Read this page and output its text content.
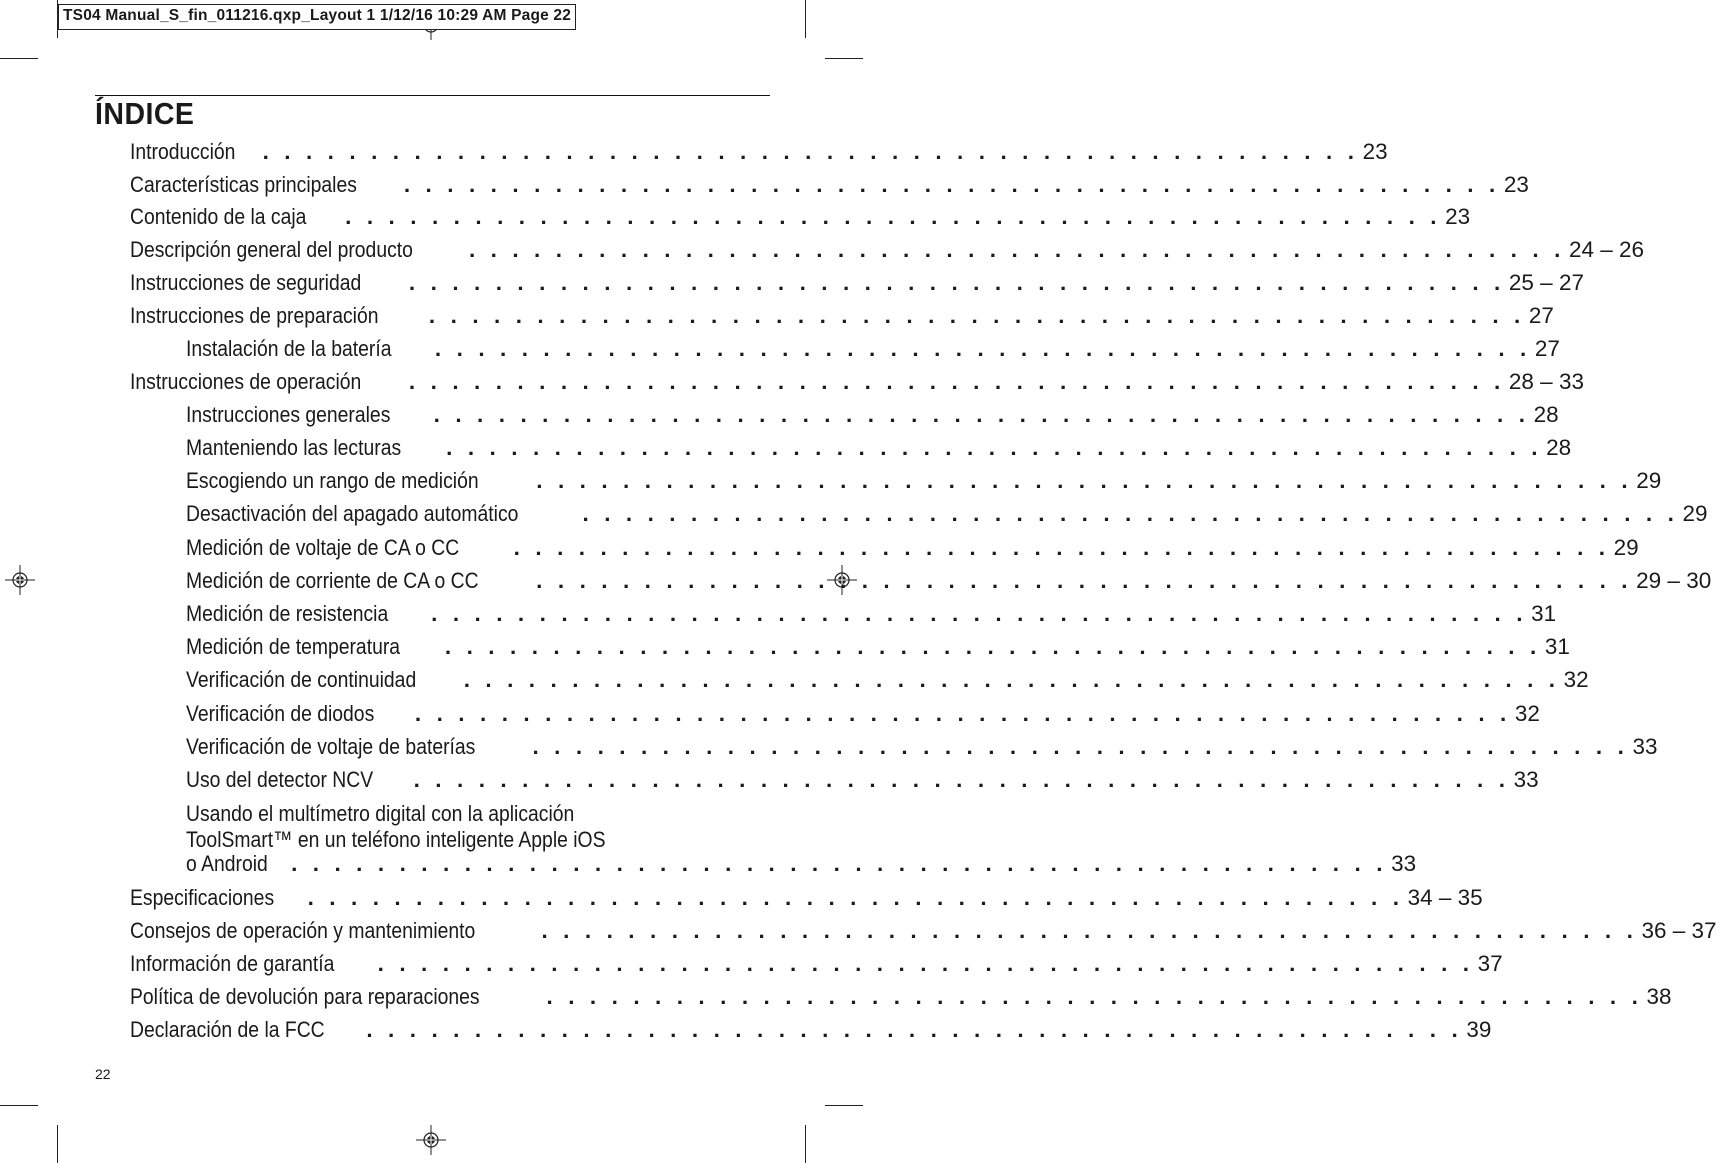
TS04 Manual_S_fin_011216.qxp_Layout 1 1/12/16 10:29 AM Page 22
ÍNDICE
Introducción	. . . . . . . . . . . . . . . . . . . . . . . . . . . . . . . . . . . . . . . . . . . . . . . . . . . 23
Características principales	. . . . . . . . . . . . . . . . . . . . . . . . . . . . . . . . . . . . . . . . . . . . . . . . . . . 23
Contenido de la caja	. . . . . . . . . . . . . . . . . . . . . . . . . . . . . . . . . . . . . . . . . . . . . . . . . . . 23
Descripción general del producto	. . . . . . . . . . . . . . . . . . . . . . . . . . . . . . . . . . . . . . . . . . . . . . . . . . . 24 – 26
Instrucciones de seguridad	. . . . . . . . . . . . . . . . . . . . . . . . . . . . . . . . . . . . . . . . . . . . . . . . . . . 25 – 27
Instrucciones de preparación	. . . . . . . . . . . . . . . . . . . . . . . . . . . . . . . . . . . . . . . . . . . . . . . . . . . 27
Instalación de la batería	. . . . . . . . . . . . . . . . . . . . . . . . . . . . . . . . . . . . . . . . . . . . . . . . . . . 27
Instrucciones de operación	. . . . . . . . . . . . . . . . . . . . . . . . . . . . . . . . . . . . . . . . . . . . . . . . . . . 28 – 33
Instrucciones generales	. . . . . . . . . . . . . . . . . . . . . . . . . . . . . . . . . . . . . . . . . . . . . . . . . . . 28
Manteniendo las lecturas	. . . . . . . . . . . . . . . . . . . . . . . . . . . . . . . . . . . . . . . . . . . . . . . . . . . 28
Escogiendo un rango de medición	. . . . . . . . . . . . . . . . . . . . . . . . . . . . . . . . . . . . . . . . . . . . . . . . . . . 29
Desactivación del apagado automático	. . . . . . . . . . . . . . . . . . . . . . . . . . . . . . . . . . . . . . . . . . . . . . . . . . . 29
Medición de voltaje de CA o CC	. . . . . . . . . . . . . . . . . . . . . . . . . . . . . . . . . . . . . . . . . . . . . . . . . . . 29
Medición de corriente de CA o CC	. . . . . . . . . . . . . . . . . . . . . . . . . . . . . . . . . . . . . . . . . . . . . . . . . . . 29 – 30
Medición de resistencia	. . . . . . . . . . . . . . . . . . . . . . . . . . . . . . . . . . . . . . . . . . . . . . . . . . . 31
Medición de temperatura	. . . . . . . . . . . . . . . . . . . . . . . . . . . . . . . . . . . . . . . . . . . . . . . . . . . 31
Verificación de continuidad	. . . . . . . . . . . . . . . . . . . . . . . . . . . . . . . . . . . . . . . . . . . . . . . . . . . 32
Verificación de diodos	. . . . . . . . . . . . . . . . . . . . . . . . . . . . . . . . . . . . . . . . . . . . . . . . . . . 32
Verificación de voltaje de baterías	. . . . . . . . . . . . . . . . . . . . . . . . . . . . . . . . . . . . . . . . . . . . . . . . . . . 33
Uso del detector NCV	. . . . . . . . . . . . . . . . . . . . . . . . . . . . . . . . . . . . . . . . . . . . . . . . . . . 33
Usando el multímetro digital con la aplicación
ToolSmart™ en un teléfono inteligente Apple iOS
o Android	. . . . . . . . . . . . . . . . . . . . . . . . . . . . . . . . . . . . . . . . . . . . . . . . . . . 33
Especificaciones	. . . . . . . . . . . . . . . . . . . . . . . . . . . . . . . . . . . . . . . . . . . . . . . . . . . 34 – 35
Consejos de operación y mantenimiento	. . . . . . . . . . . . . . . . . . . . . . . . . . . . . . . . . . . . . . . . . . . . . . . . . . . 36 – 37
Información de garantía	. . . . . . . . . . . . . . . . . . . . . . . . . . . . . . . . . . . . . . . . . . . . . . . . . . . 37
Política de devolución para reparaciones	. . . . . . . . . . . . . . . . . . . . . . . . . . . . . . . . . . . . . . . . . . . . . . . . . . . 38
Declaración de la FCC	. . . . . . . . . . . . . . . . . . . . . . . . . . . . . . . . . . . . . . . . . . . . . . . . . . . 39
22
